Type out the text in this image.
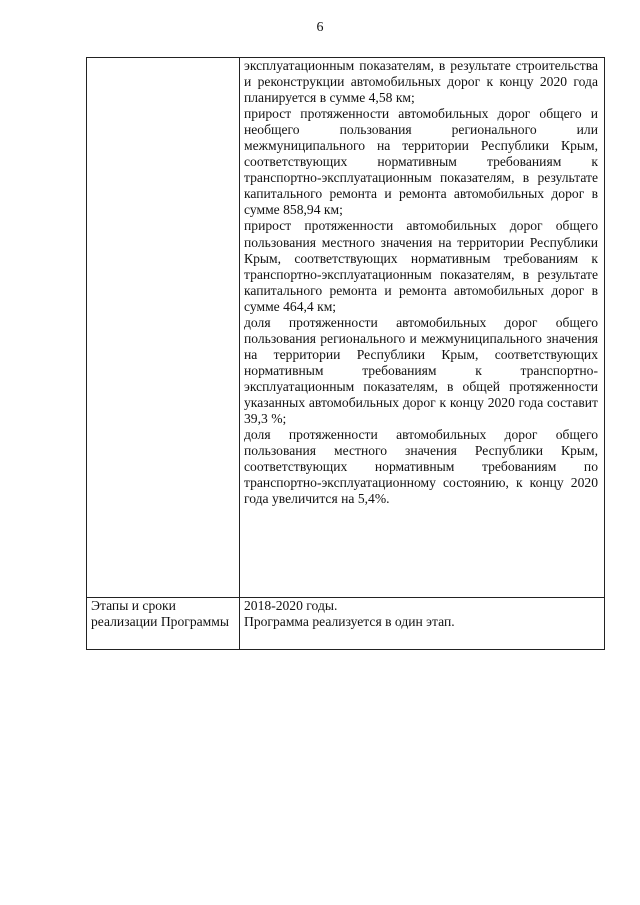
6

	эксплуатационным показателям, в результате строительства и реконструкции автомобильных дорог к концу 2020 года планируется в сумме 4,58 км;

прирост протяженности автомобильных дорог общего и необщего пользования регионального или межмуниципального на территории Республики Крым, соответствующих нормативным требованиям к транспортно-эксплуатационным показателям, в результате капитального ремонта и ремонта автомобильных дорог в сумме 858,94 км;

прирост протяженности автомобильных дорог общего пользования местного значения на территории Республики Крым, соответствующих нормативным требованиям к транспортно-эксплуатационным показателям, в результате капитального ремонта и ремонта автомобильных дорог в сумме 464,4 км;

доля протяженности автомобильных дорог общего пользования регионального и межмуниципального значения на территории Республики Крым, соответствующих нормативным требованиям к транспортно-эксплуатационным показателям, в общей протяженности указанных автомобильных дорог к концу 2020 года составит 39,3 %;

доля протяженности автомобильных дорог общего пользования местного значения Республики Крым, соответствующих нормативным требованиям по транспортно-эксплуатационному состоянию, к концу 2020 года увеличится на 5,4%.

Этапы и сроки реализации Программы	2018-2020 годы.

Программа реализуется в один этап.
